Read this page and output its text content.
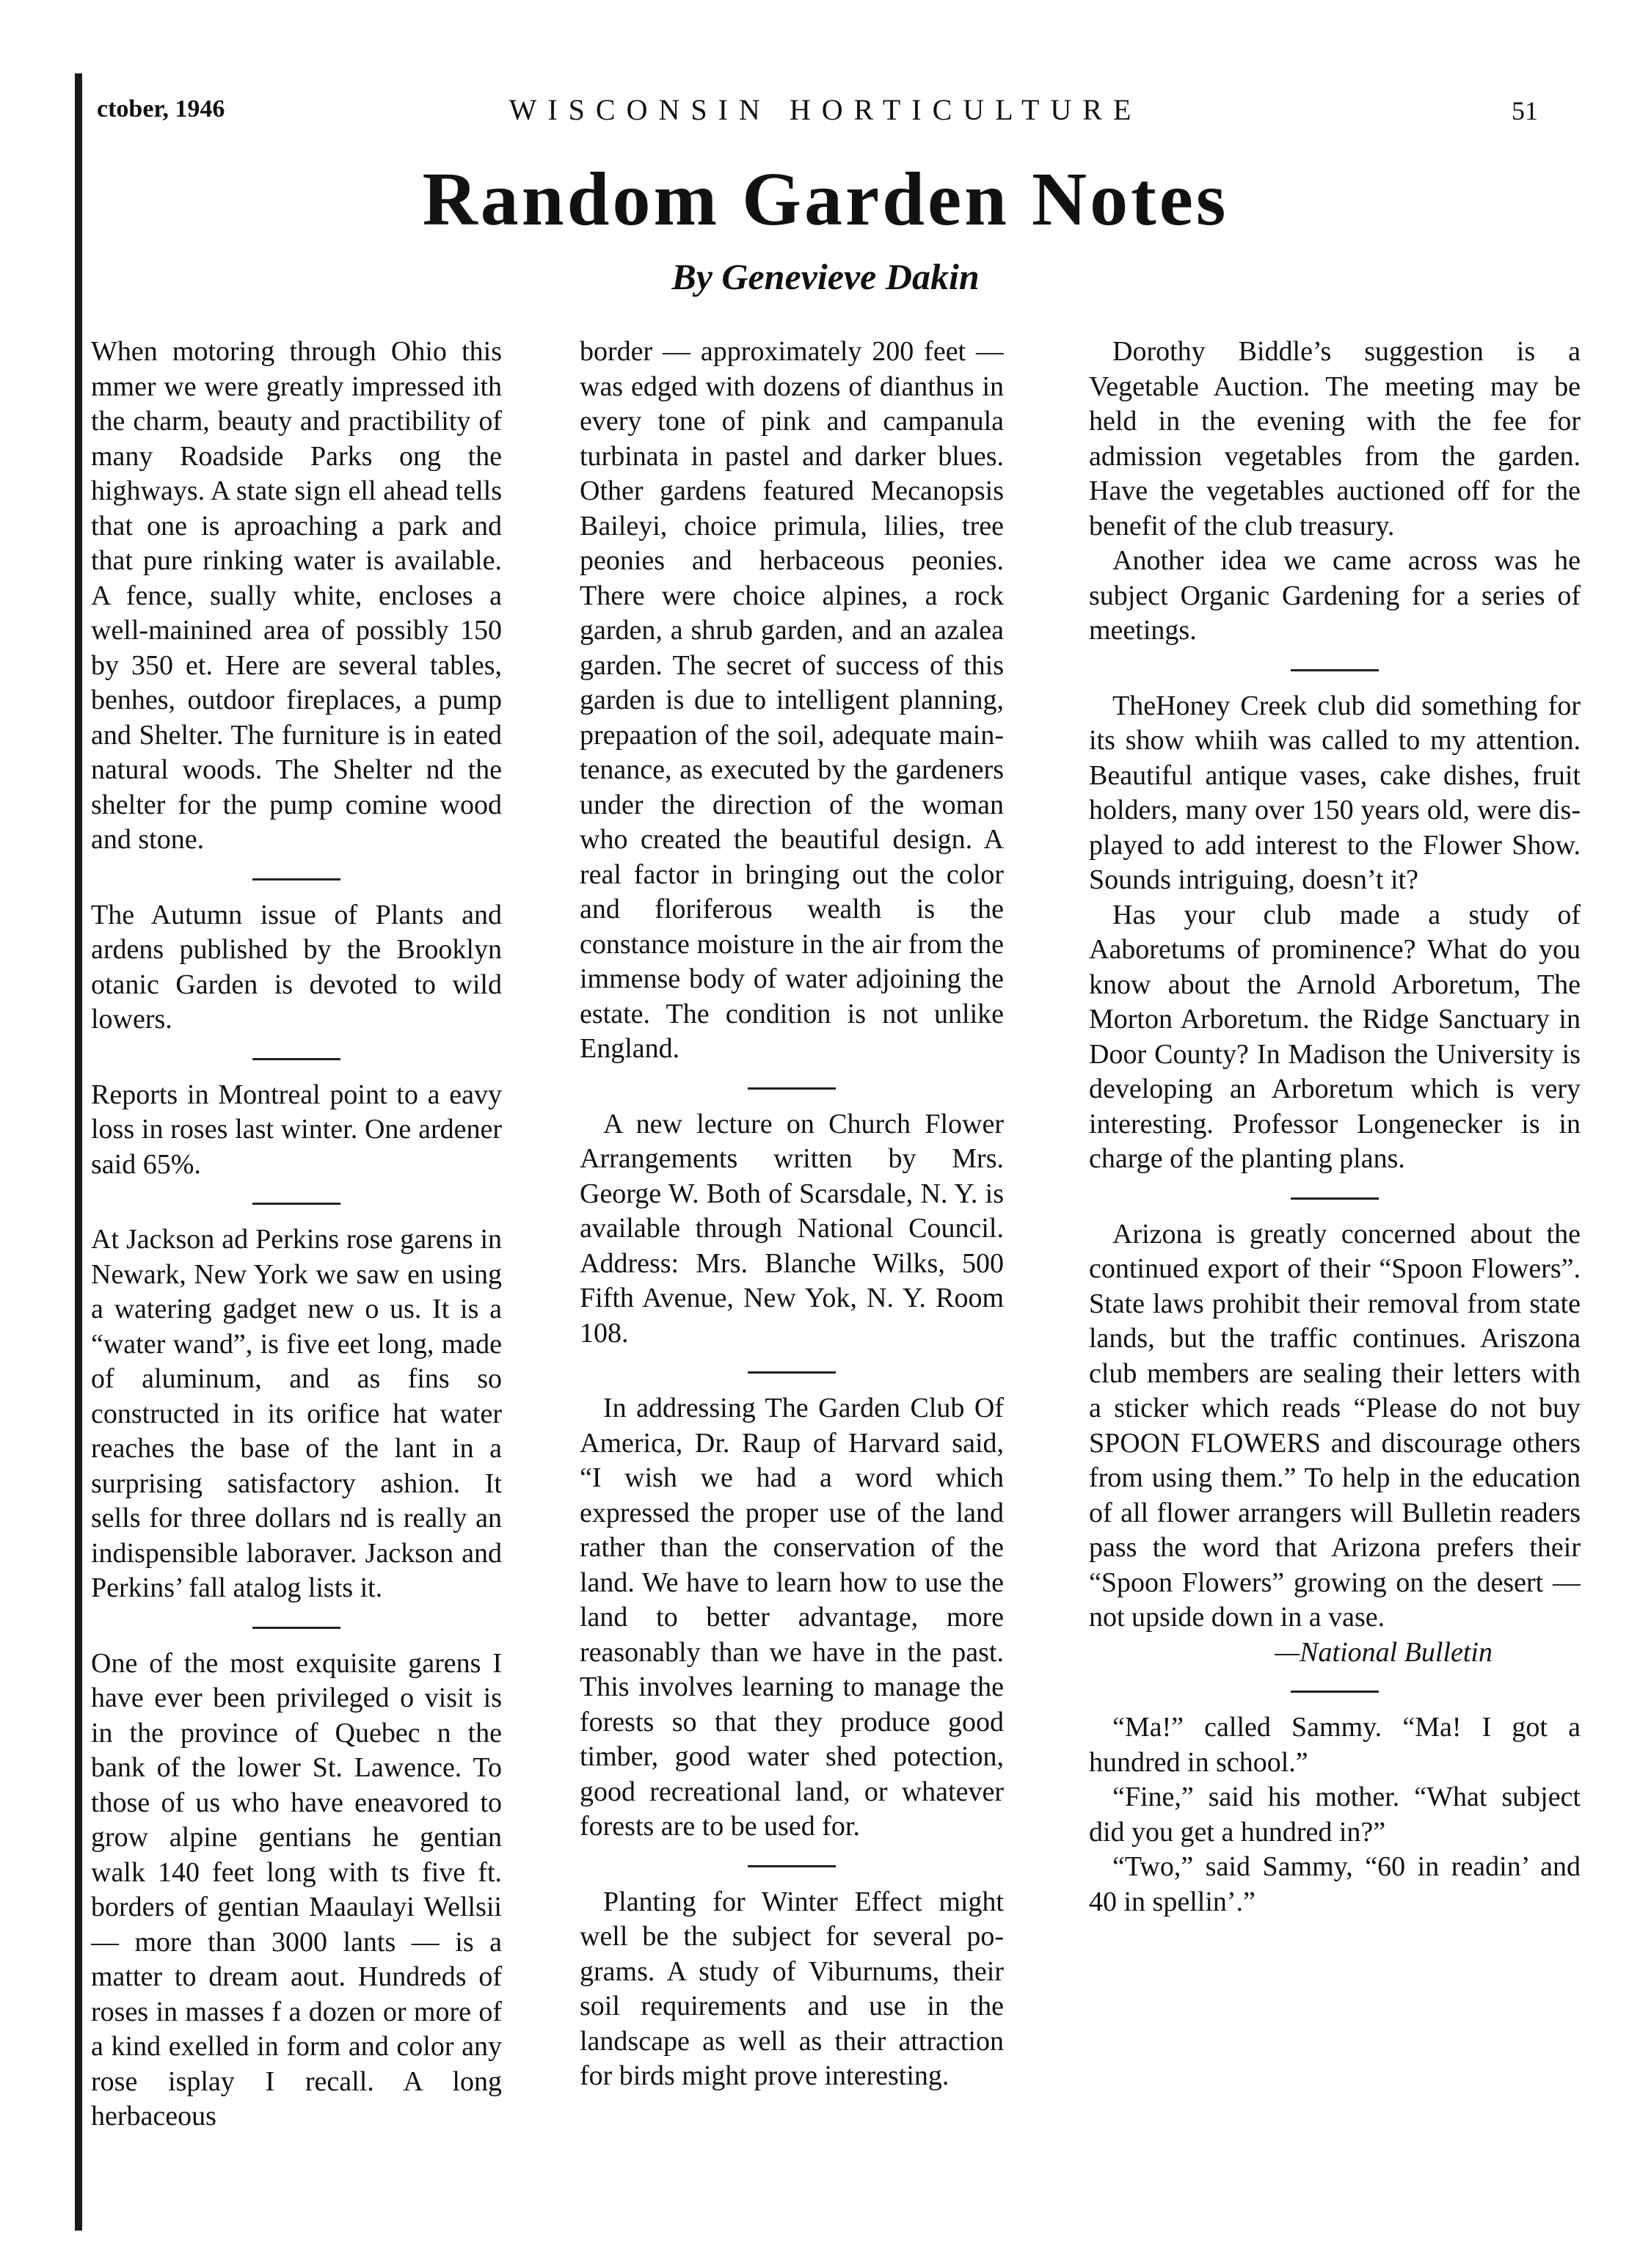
ctober, 1946	WISCONSIN HORTICULTURE	51
Random Garden Notes
By Genevieve Dakin

When motoring through Ohio this mmer we were greatly impressed ith the charm, beauty and practibility of many Roadside Parks ong the highways. A state sign ell ahead tells that one is aproaching a park and that pure rinking water is available. A fence, sually white, encloses a well-mainined area of possibly 150 by 350 et. Here are several tables, benhes, outdoor fireplaces, a pump and Shelter. The furniture is in eated natural woods. The Shelter nd the shelter for the pump comine wood and stone.

The Autumn issue of Plants and ardens published by the Brooklyn otanic Garden is devoted to wild lowers.

Reports in Montreal point to a eavy loss in roses last winter. One ardener said 65%.

At Jackson ad Perkins rose garens in Newark, New York we saw en using a watering gadget new o us. It is a “water wand”, is five eet long, made of aluminum, and as fins so constructed in its orifice hat water reaches the base of the lant in a surprising satisfactory ashion. It sells for three dollars nd is really an indispensible laboraver. Jackson and Perkins’ fall atalog lists it.

One of the most exquisite garens I have ever been privileged o visit is in the province of Quebec n the bank of the lower St. Lawence. To those of us who have eneavored to grow alpine gentians he gentian walk 140 feet long with ts five ft. borders of gentian Maaulayi Wellsii — more than 3000 lants — is a matter to dream aout. Hundreds of roses in masses f a dozen or more of a kind exelled in form and color any rose isplay I recall. A long herbaceous

border — approximately 200 feet — was edged with dozens of dianthus in every tone of pink and campanula turbinata in pastel and darker blues. Other gardens featured Mecanopsis Baileyi, choice primula, lilies, tree peonies and herbaceous peonies. There were choice alpines, a rock garden, a shrub garden, and an azalea garden. The secret of success of this garden is due to intelligent planning, prepaation of the soil, adequate maintenance, as executed by the gardeners under the direction of the woman who created the beautiful design. A real factor in bringing out the color and floriferous wealth is the constance moisture in the air from the immense body of water adjoining the estate. The condition is not unlike England.

A new lecture on Church Flower Arrangements written by Mrs. George W. Both of Scarsdale, N. Y. is available through National Council. Address: Mrs. Blanche Wilks, 500 Fifth Avenue, New Yok, N. Y. Room 108.

In addressing The Garden Club Of America, Dr. Raup of Harvard said, “I wish we had a word which expressed the proper use of the land rather than the conservation of the land. We have to learn how to use the land to better advantage, more reasonably than we have in the past. This involves learning to manage the forests so that they produce good timber, good water shed potection, good recreational land, or whatever forests are to be used for.

Planting for Winter Effect might well be the subject for several pograms. A study of Viburnums, their soil requirements and use in the landscape as well as their attraction for birds might prove interesting.

Dorothy Biddle’s suggestion is a Vegetable Auction. The meeting may be held in the evening with the fee for admission vegetables from the garden. Have the vegetables auctioned off for the benefit of the club treasury.

Another idea we came across was he subject Organic Gardening for a series of meetings.

TheHoney Creek club did something for its show whiih was called to my attention. Beautiful antique vases, cake dishes, fruit holders, many over 150 years old, were displayed to add interest to the Flower Show. Sounds intriguing, doesn’t it?

Has your club made a study of Aaboretums of prominence? What do you know about the Arnold Arboretum, The Morton Arboretum. the Ridge Sanctuary in Door County? In Madison the University is developing an Arboretum which is very interesting. Professor Longenecker is in charge of the planting plans.

Arizona is greatly concerned about the continued export of their “Spoon Flowers”. State laws prohibit their removal from state lands, but the traffic continues. Ariszona club members are sealing their letters with a sticker which reads “Please do not buy SPOON FLOWERS and discourage others from using them.” To help in the education of all flower arrangers will Bulletin readers pass the word that Arizona prefers their “Spoon Flowers” growing on the desert — not upside down in a vase.

—National Bulletin

“Ma!” called Sammy. “Ma! I got a hundred in school.”

“Fine,” said his mother. “What subject did you get a hundred in?”

“Two,” said Sammy, “60 in readin’ and 40 in spellin’.”
